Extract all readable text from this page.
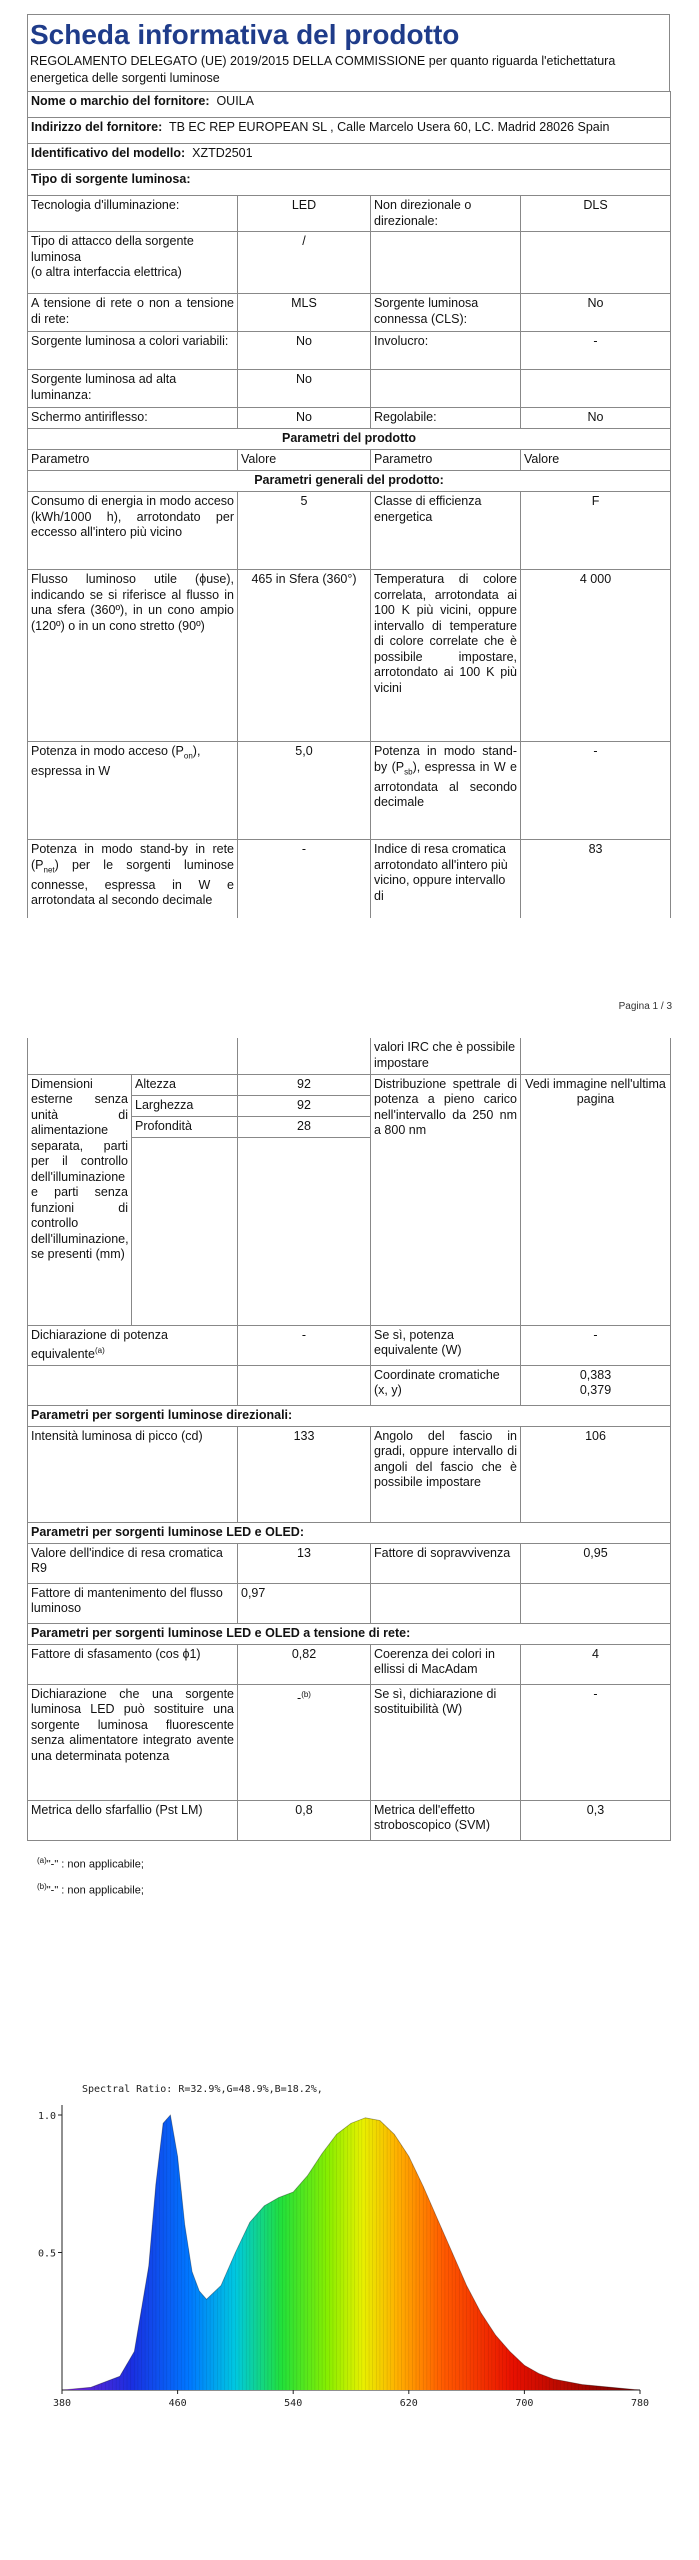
Scheda informativa del prodotto
REGOLAMENTO DELEGATO (UE) 2019/2015 DELLA COMMISSIONE per quanto riguarda l'etichettatura energetica delle sorgenti luminose
Nome o marchio del fornitore: OUILA			
Indirizzo del fornitore: TB EC REP EUROPEAN SL , Calle Marcelo Usera 60, LC. Madrid 28026 Spain			
Identificativo del modello: XZTD2501			
Tipo di sorgente luminosa:			
Tecnologia d'illuminazione:	LED	Non direzionale o direzionale:	DLS

Tipo di attacco della sorgente luminosa
(o altra interfaccia elettrica)	/		
A tensione di rete o non a tensione di rete:	MLS	Sorgente luminosa connessa (CLS):	No
Sorgente luminosa a colori variabili:	No	Involucro:	-
Sorgente luminosa ad alta luminanza:	No		
Schermo antiriflesso:	No	Regolabile:	No
Parametri del prodotto			
Parametro	Valore	Parametro	Valore
Parametri generali del prodotto:			
Consumo di energia in modo acceso (kWh/1000 h), arrotondato per eccesso all'intero più vicino	5	Classe di efficienza energetica	F
Flusso luminoso utile (ϕuse), indicando se si riferisce al flusso in una sfera (360º), in un cono ampio (120º) o in un cono stretto (90º)	465 in Sfera (360°)	Temperatura di colore correlata, arrotondata ai 100 K più vicini, oppure intervallo di temperature di colore correlate che è possibile impostare, arrotondato ai 100 K più vicini	4 000
Potenza in modo acceso $(P_{on})$, espressa in W	5,0	Potenza in modo stand-by $(P_{sb})$, espressa in W e arrotondata al secondo decimale	-
Potenza in modo stand-by in rete $(P_{net})$ per le sorgenti luminose connesse, espressa in W e arrotondata al secondo decimale	-	Indice di resa cromatica arrotondato all'intero più vicino, oppure intervallo di	83
Pagina 1 / 3
			valori IRC che è possibile impostare	
Dimensioni esterne senza unità di alimentazione separata, parti per il controllo dell'illuminazione e parti senza funzioni di controllo dell'illuminazione, se presenti (mm)	Altezza	92	Distribuzione spettrale di potenza a pieno carico nell'intervallo da 250 nm a 800 nm	Vedi immagine nell'ultima pagina
	Larghezza	92		
	Profondità	28		

Dichiarazione di potenza equivalente$^{(a)}$		-	Se sì, potenza equivalente (W)	-
			Coordinate cromatiche (x, y)	0,383
0,379

Parametri per sorgenti luminose direzionali:				
Intensità luminosa di picco (cd)		133	Angolo del fascio in gradi, oppure intervallo di angoli del fascio che è possibile impostare	106
Parametri per sorgenti luminose LED e OLED:				
Valore dell'indice di resa cromatica R9		13	Fattore di sopravvivenza	0,95
Fattore di mantenimento del flusso luminoso		0,97		
Parametri per sorgenti luminose LED e OLED a tensione di rete:				
Fattore di sfasamento (cos ϕ1)		0,82	Coerenza dei colori in ellissi di MacAdam	4
Dichiarazione che una sorgente luminosa LED può sostituire una sorgente luminosa fluorescente senza alimentatore integrato avente una determinata potenza		-$^{(b)}$	Se sì, dichiarazione di sostituibilità (W)	-
Metrica dello sfarfallio (Pst LM)		0,8	Metrica dell'effetto stroboscopico (SVM)	0,3
$^{(a)}$"-" : non applicabile;
$^{(b)}$"-" : non applicabile;
Spectral Ratio: R=32.9%,G=48.9%,B=18.2%,
380	460	540	620	700	780
0.5
1.0
